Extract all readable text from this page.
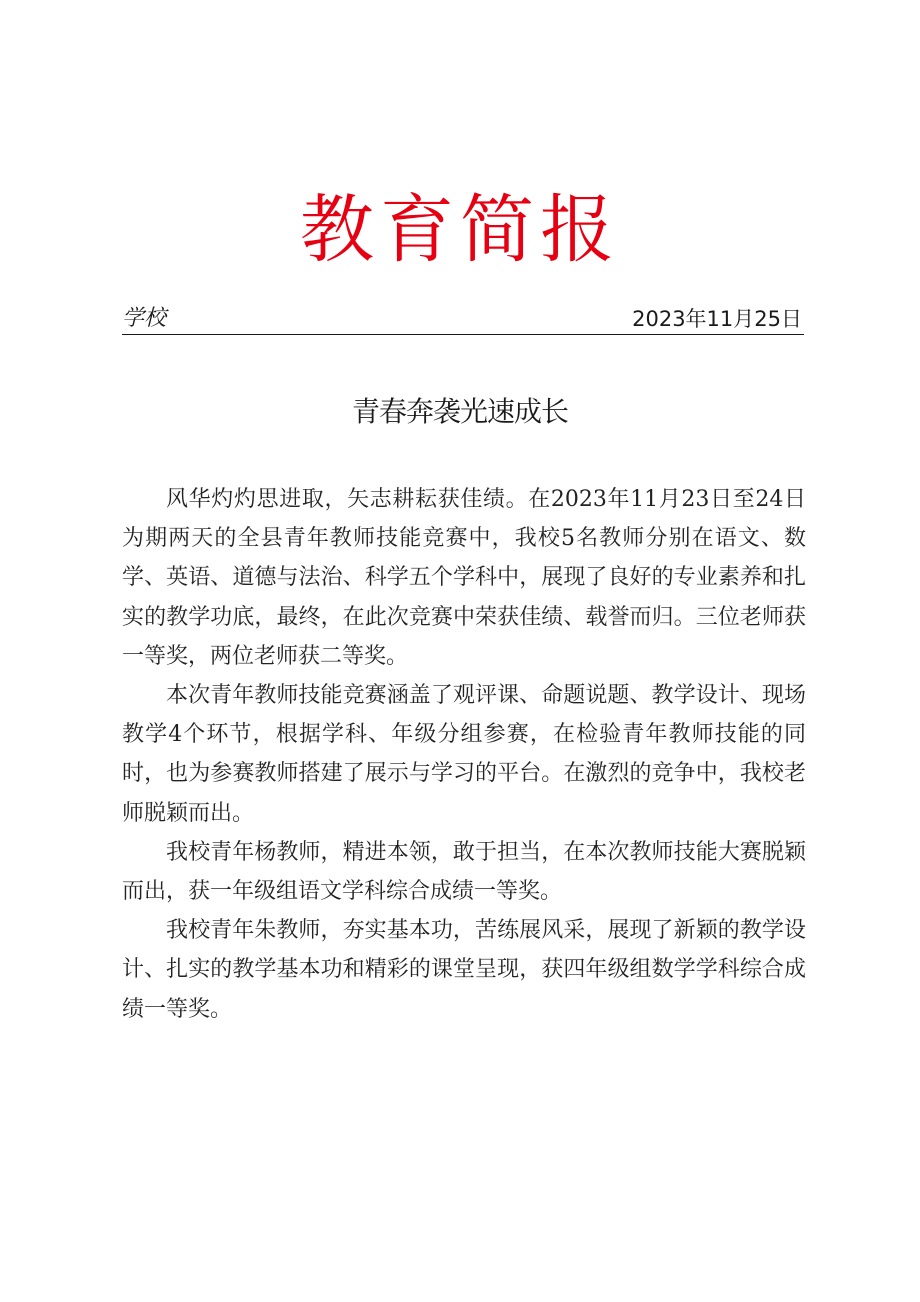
教育简报
学校	2023年11月25日
青春奔袭光速成长

风华灼灼思进取，矢志耕耘获佳绩。在2023年11月23日至24日为期两天的全县青年教师技能竞赛中，我校5名教师分别在语文、数学、英语、道德与法治、科学五个学科中，展现了良好的专业素养和扎实的教学功底，最终，在此次竞赛中荣获佳绩、载誉而归。三位老师获一等奖，两位老师获二等奖。

本次青年教师技能竞赛涵盖了观评课、命题说题、教学设计、现场教学4个环节，根据学科、年级分组参赛，在检验青年教师技能的同时，也为参赛教师搭建了展示与学习的平台。在激烈的竞争中，我校老师脱颖而出。

我校青年杨教师，精进本领，敢于担当，在本次教师技能大赛脱颖而出，获一年级组语文学科综合成绩一等奖。

我校青年朱教师，夯实基本功，苦练展风采，展现了新颖的教学设计、扎实的教学基本功和精彩的课堂呈现，获四年级组数学学科综合成绩一等奖。
